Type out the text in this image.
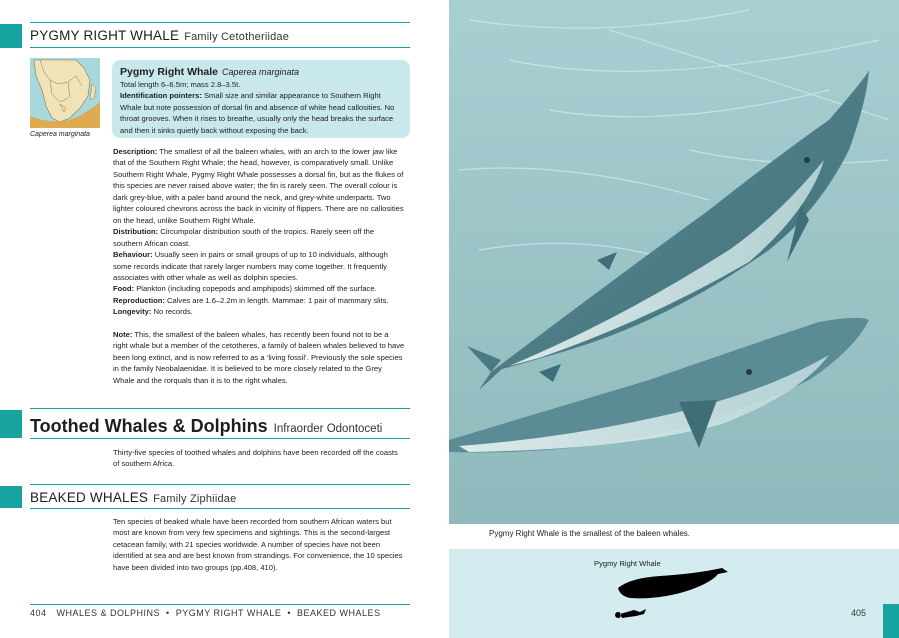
PYGMY RIGHT WHALE Family Cetotheriidae
Caperea marginata
Pygmy Right Whale Caperea marginata
Total length 6–6.5m; mass 2.8–3.5t.
Identification pointers: Small size and similar appearance to Southern Right Whale but note possession of dorsal fin and absence of white head callosities. No throat grooves. When it rises to breathe, usually only the head breaks the surface and then it sinks quietly back without exposing the back.

Description: The smallest of all the baleen whales, with an arch to the lower jaw like that of the Southern Right Whale; the head, however, is comparatively small. Unlike Southern Right Whale, Pygmy Right Whale possesses a dorsal fin, but as the flukes of this species are never raised above water; the fin is rarely seen. The overall colour is dark grey-blue, with a paler band around the neck, and grey-white underparts. Two lighter coloured chevrons across the back in vicinity of flippers. There are no callosities on the head, unlike Southern Right Whale.

Distribution: Circumpolar distribution south of the tropics. Rarely seen off the southern African coast.

Behaviour: Usually seen in pairs or small groups of up to 10 individuals, although some records indicate that rarely larger numbers may come together. It frequently associates with other whale as well as dolphin species.

Food: Plankton (including copepods and amphipods) skimmed off the surface.

Reproduction: Calves are 1.6–2.2m in length. Mammae: 1 pair of mammary slits.

Longevity: No records.

Note: This, the smallest of the baleen whales, has recently been found not to be a right whale but a member of the cetotheres, a family of baleen whales believed to have been long extinct, and is now referred to as a ‘living fossil’. Previously the sole species in the family Neobalaenidae. It is believed to be more closely related to the Grey Whale and the rorquals than it is to the right whales.

Toothed Whales & Dolphins Infraorder Odontoceti
Thirty-five species of toothed whales and dolphins have been recorded off the coasts of southern Africa.
BEAKED WHALES Family Ziphiidae
Ten species of beaked whale have been recorded from southern African waters but most are known from very few specimens and sightings. This is the second-largest cetacean family, with 21 species worldwide. A number of species have not been identified at sea and are best known from strandings. For convenience, the 10 species have been divided into two groups (pp.408, 410).
404 WHALES & DOLPHINS  •  PYGMY RIGHT WHALE  •  BEAKED WHALES
Pygmy Right Whale is the smallest of the baleen whales.
Pygmy Right Whale
405
